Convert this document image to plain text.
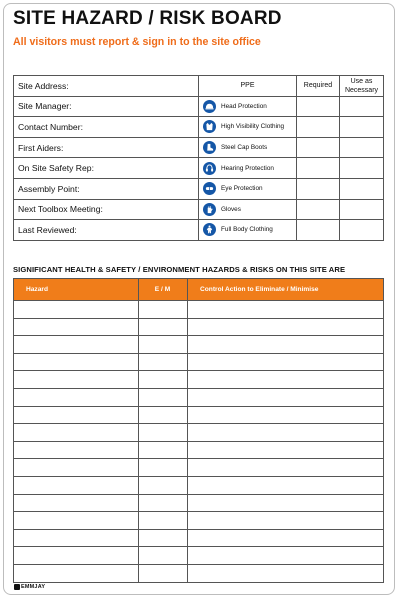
SITE HAZARD / RISK BOARD
All visitors must report & sign in to the site office
Site Address:	PPE	Required	Use as Necessary
Site Manager:	Head Protection		

Contact Number:	High Visibility Clothing		

First Aiders:	Steel Cap Boots		

On Site Safety Rep:	Hearing Protection		

Assembly Point:	Eye Protection		

Next Toolbox Meeting:	Gloves		

Last Reviewed:	Full Body Clothing		

SIGNIFICANT HEALTH & SAFETY / ENVIRONMENT HAZARDS & RISKS ON THIS SITE ARE
Hazard	E / M	Control Action to Eliminate / Minimise

EMMJAY
